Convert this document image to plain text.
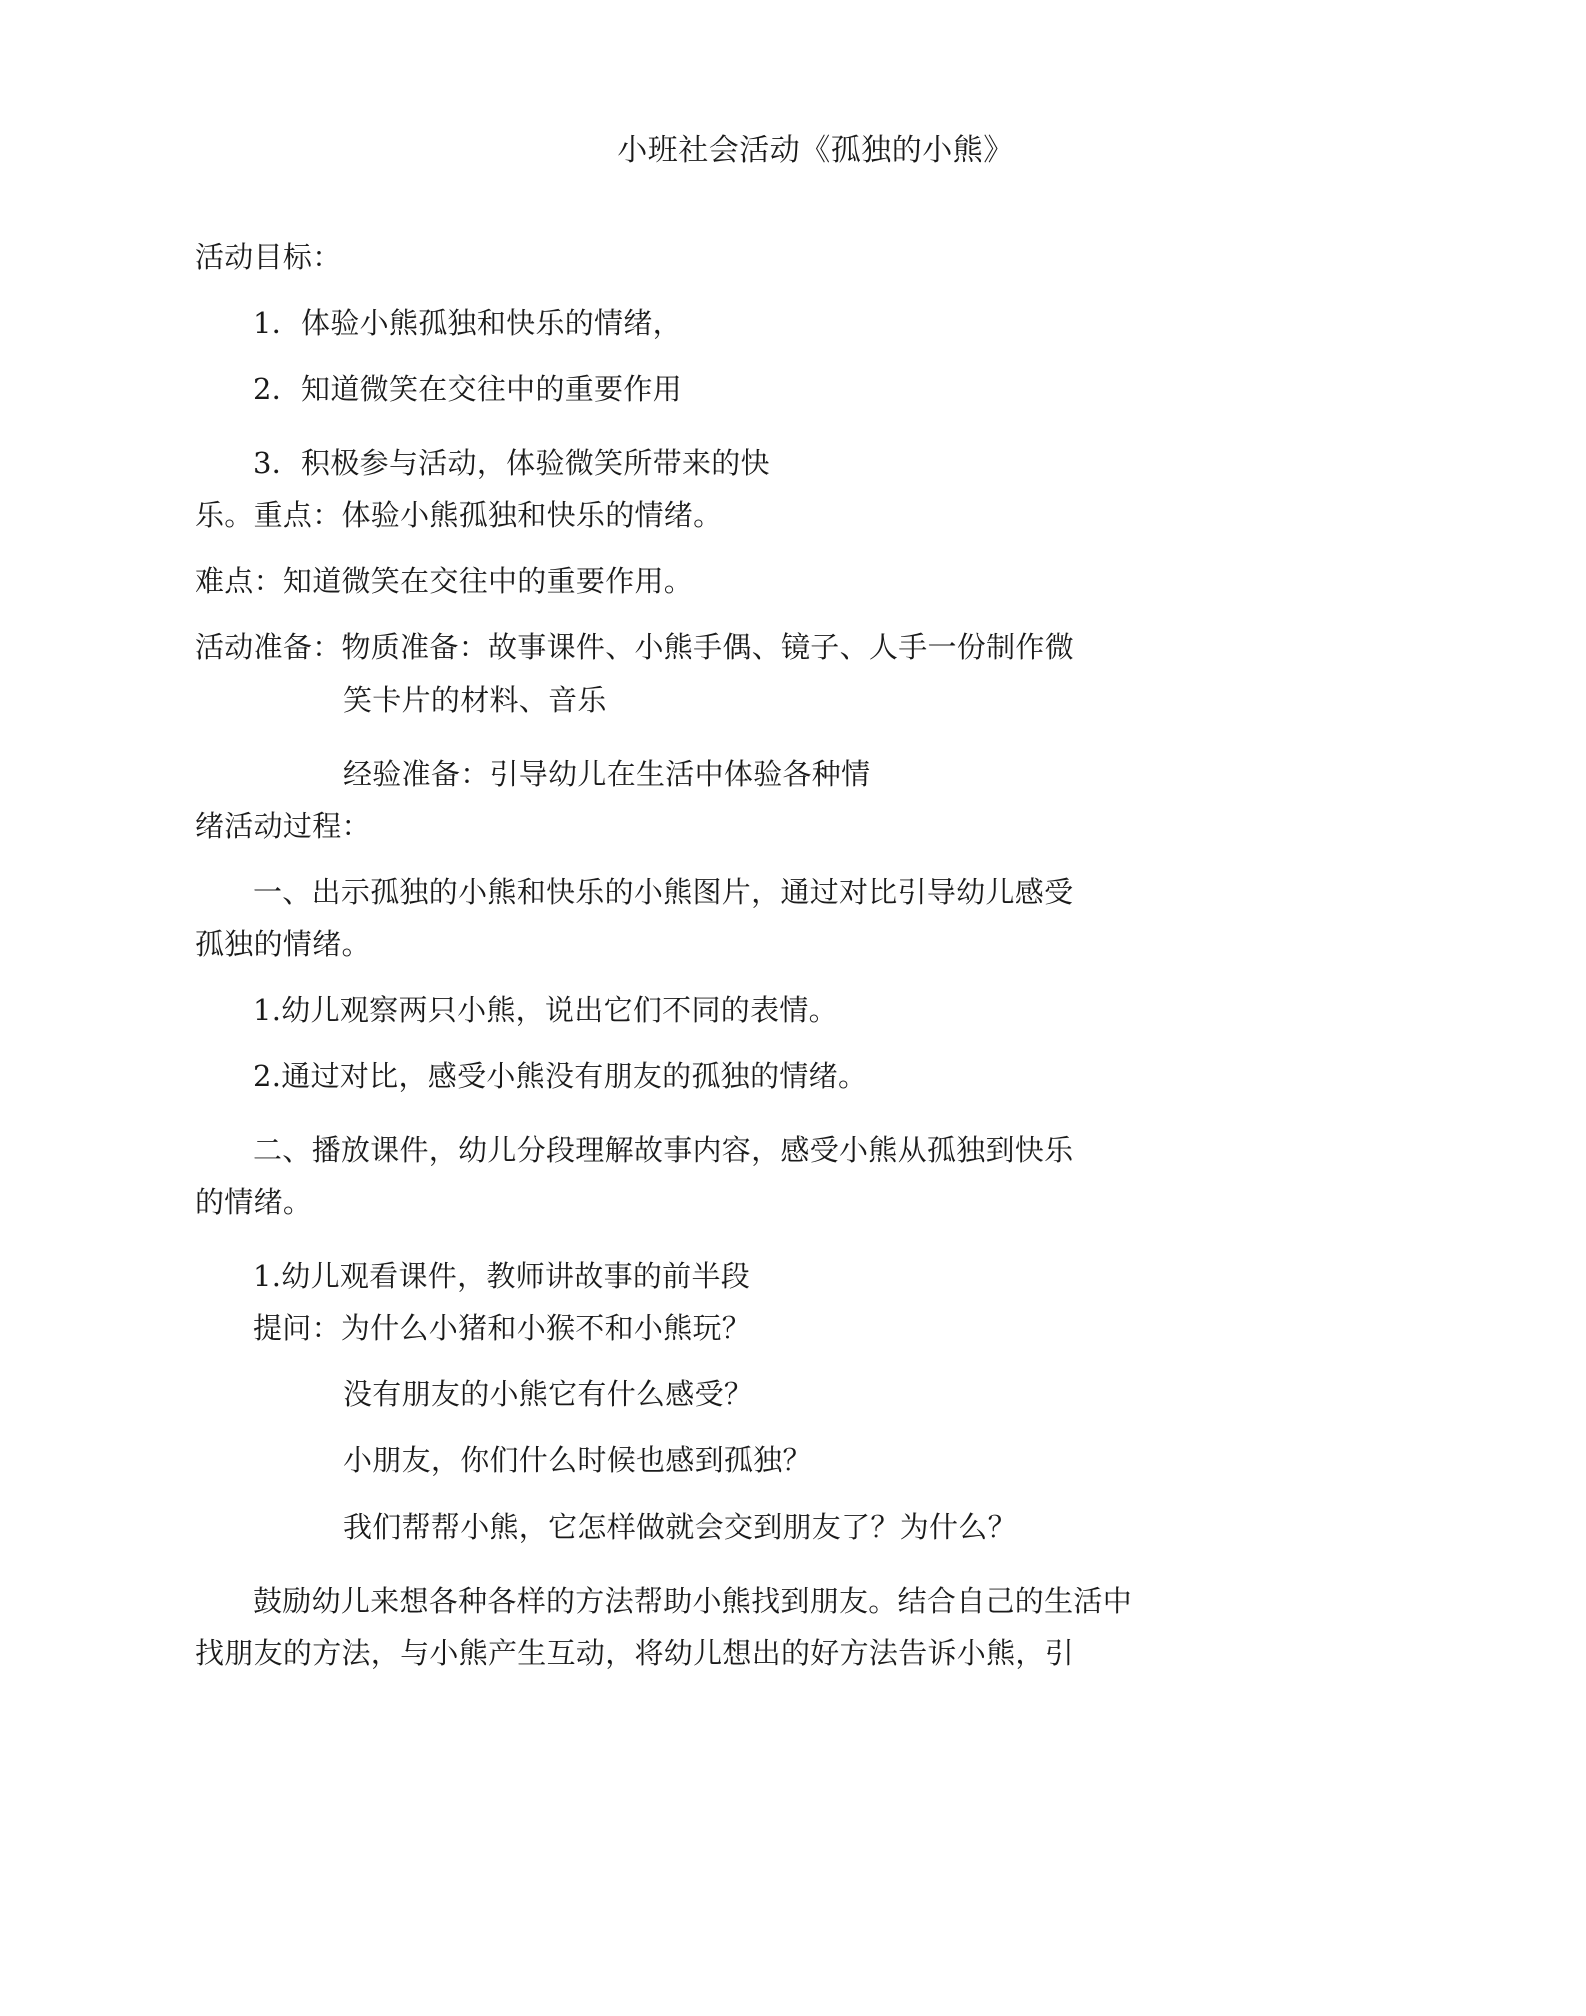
小班社会活动《孤独的小熊》

活动目标：

1．体验小熊孤独和快乐的情绪，

2．知道微笑在交往中的重要作用

3．积极参与活动，体验微笑所带来的快

乐。重点：体验小熊孤独和快乐的情绪。

难点：知道微笑在交往中的重要作用。

活动准备：物质准备：故事课件、小熊手偶、镜子、人手一份制作微

笑卡片的材料、音乐

经验准备：引导幼儿在生活中体验各种情

绪活动过程：

一、出示孤独的小熊和快乐的小熊图片，通过对比引导幼儿感受

孤独的情绪。

1.幼儿观察两只小熊，说出它们不同的表情。

2.通过对比，感受小熊没有朋友的孤独的情绪。

二、播放课件，幼儿分段理解故事内容，感受小熊从孤独到快乐

的情绪。

1.幼儿观看课件，教师讲故事的前半段

提问：为什么小猪和小猴不和小熊玩？

没有朋友的小熊它有什么感受？

小朋友，你们什么时候也感到孤独？

我们帮帮小熊，它怎样做就会交到朋友了？为什么？

鼓励幼儿来想各种各样的方法帮助小熊找到朋友。结合自己的生活中

找朋友的方法，与小熊产生互动，将幼儿想出的好方法告诉小熊，引
